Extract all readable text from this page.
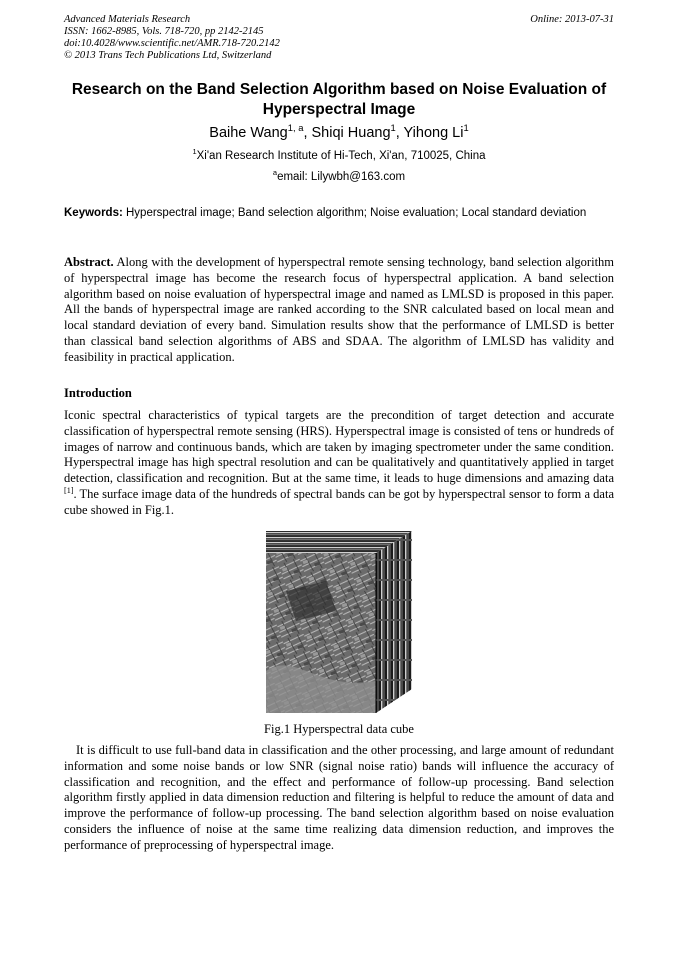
Advanced Materials Research
ISSN: 1662-8985, Vols. 718-720, pp 2142-2145
doi:10.4028/www.scientific.net/AMR.718-720.2142
© 2013 Trans Tech Publications Ltd, Switzerland
Online: 2013-07-31
Research on the Band Selection Algorithm based on Noise Evaluation of Hyperspectral Image
Baihe Wang$^{1, a}$, Shiqi Huang$^1$, Yihong Li$^1$
$^1$Xi'an Research Institute of Hi-Tech, Xi'an, 710025, China
$^a$email: Lilywbh@163.com
Keywords: Hyperspectral image; Band selection algorithm; Noise evaluation; Local standard deviation
Abstract. Along with the development of hyperspectral remote sensing technology, band selection algorithm of hyperspectral image has become the research focus of hyperspectral application. A band selection algorithm based on noise evaluation of hyperspectral image and named as LMLSD is proposed in this paper. All the bands of hyperspectral image are ranked according to the SNR calculated based on local mean and local standard deviation of every band. Simulation results show that the performance of LMLSD is better than classical band selection algorithms of ABS and SDAA. The algorithm of LMLSD has validity and feasibility in practical application.
Introduction
Iconic spectral characteristics of typical targets are the precondition of target detection and accurate classification of hyperspectral remote sensing (HRS). Hyperspectral image is consisted of tens or hundreds of images of narrow and continuous bands, which are taken by imaging spectrometer under the same condition. Hyperspectral image has high spectral resolution and can be qualitatively and quantitatively applied in target detection, classification and recognition. But at the same time, it leads to huge dimensions and amazing data [1]. The surface image data of the hundreds of spectral bands can be got by hyperspectral sensor to form a data cube showed in Fig.1.
Fig.1 Hyperspectral data cube
It is difficult to use full-band data in classification and the other processing, and large amount of redundant information and some noise bands or low SNR (signal noise ratio) bands will influence the accuracy of classification and recognition, and the effect and performance of follow-up processing. Band selection algorithm firstly applied in data dimension reduction and filtering is helpful to reduce the amount of data and improve the performance of follow-up processing. The band selection algorithm based on noise evaluation considers the influence of noise at the same time realizing data dimension reduction, and improves the performance of preprocessing of hyperspectral image.
